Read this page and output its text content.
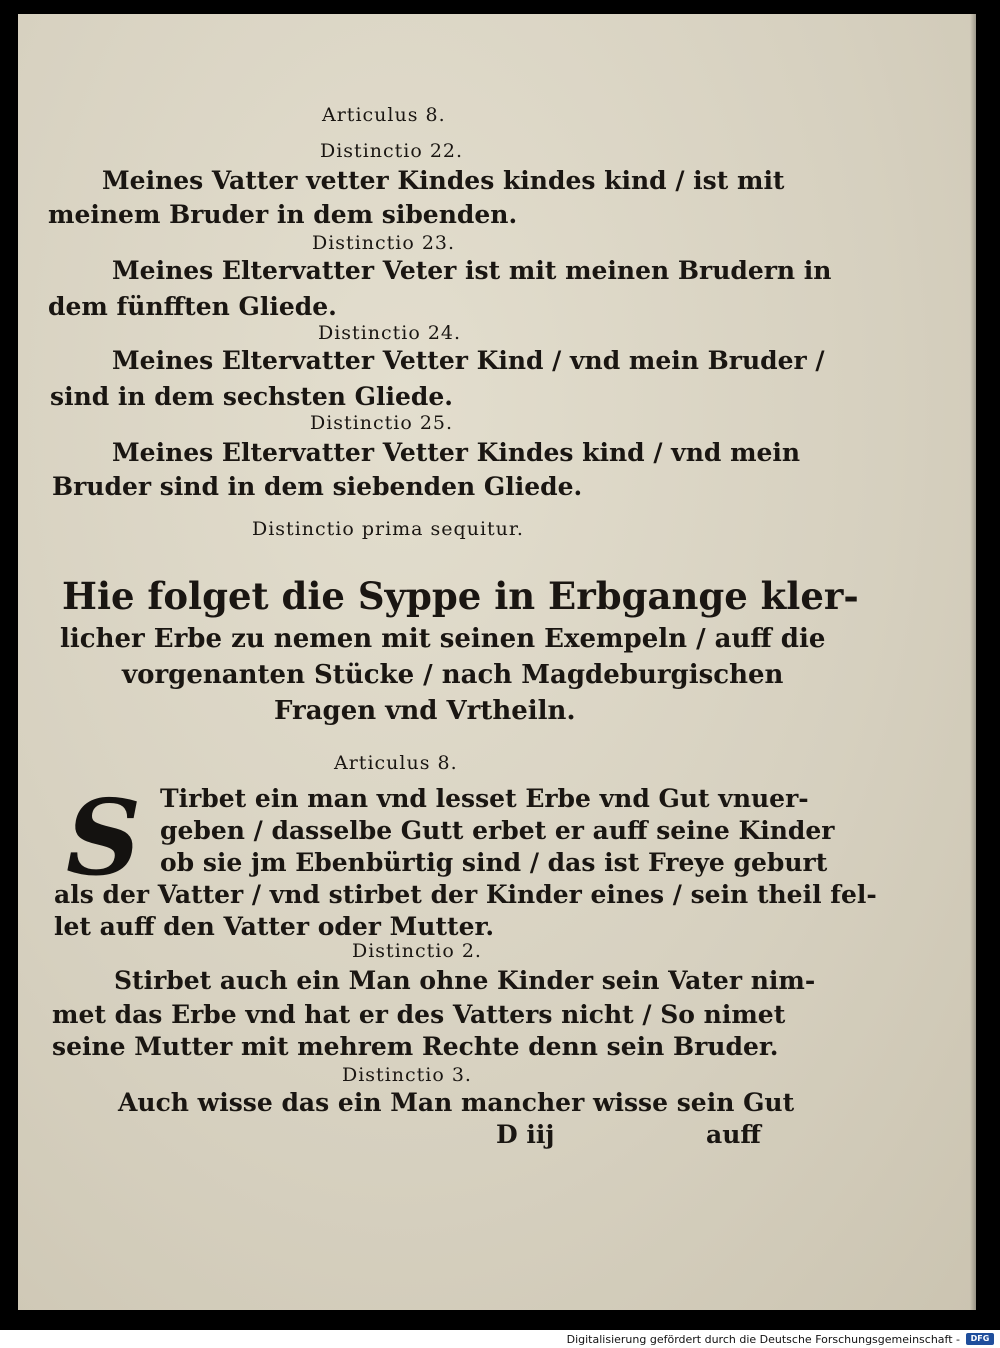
Articulus 8.
Distinctio 22.
Meines Vatter vetter Kindes kindes kind / ist mit
meinem Bruder in dem sibenden.
Distinctio 23.
Meines Eltervatter Veter ist mit meinen Brudern in
dem fünfften Gliede.
Distinctio 24.
Meines Eltervatter Vetter Kind / vnd mein Bruder /
sind in dem sechsten Gliede.
Distinctio 25.
Meines Eltervatter Vetter Kindes kind / vnd mein
Bruder sind in dem siebenden Gliede.
Distinctio prima sequitur.
Hie folget die Syppe in Erbgange kler-
licher Erbe zu nemen mit seinen Exempeln / auff die
vorgenanten Stücke / nach Magdeburgischen
Fragen vnd Vrtheiln.
Articulus 8.
S Tirbet ein man vnd lesset Erbe vnd Gut vnuer-
geben / dasselbe Gutt erbet er auff seine Kinder
ob sie jm Ebenbürtig sind / das ist Freye geburt
als der Vatter / vnd stirbet der Kinder eines / sein theil fel-
let auff den Vatter oder Mutter.
Distinctio 2.
Stirbet auch ein Man ohne Kinder sein Vater nim-
met das Erbe vnd hat er des Vatters nicht / So nimet
seine Mutter mit mehrem Rechte denn sein Bruder.
Distinctio 3.
Auch wisse das ein Man mancher wisse sein Gut
D iij	auff
Digitalisierung gefördert durch die Deutsche Forschungsgemeinschaft -	DFG
